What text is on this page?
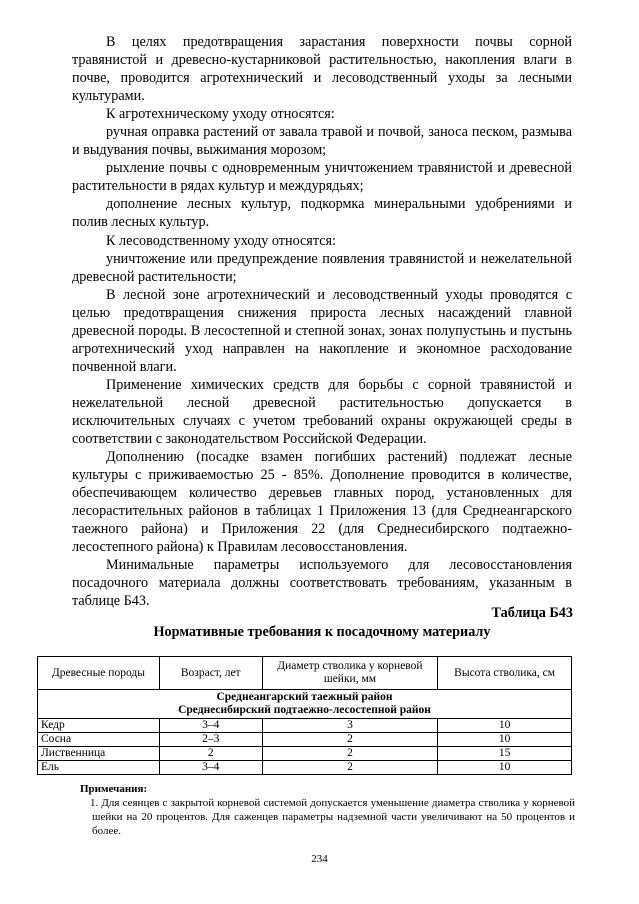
В целях предотвращения зарастания поверхности почвы сорной травянистой и древесно-кустарниковой растительностью, накопления влаги в почве, проводится агротехнический и лесоводственный уходы за лесными культурами.

К агротехническому уходу относятся:

ручная оправка растений от завала травой и почвой, заноса песком, размыва и выдувания почвы, выжимания морозом;

рыхление почвы с одновременным уничтожением травянистой и древесной растительности в рядах культур и междурядьях;

дополнение лесных культур, подкормка минеральными удобрениями и полив лесных культур.

К лесоводственному уходу относятся:

уничтожение или предупреждение появления травянистой и нежелательной древесной растительности;

В лесной зоне агротехнический и лесоводственный уходы проводятся с целью предотвращения снижения прироста лесных насаждений главной древесной породы. В лесостепной и степной зонах, зонах полупустынь и пустынь агротехнический уход направлен на накопление и экономное расходование почвенной влаги.

Применение химических средств для борьбы с сорной травянистой и нежелательной лесной древесной растительностью допускается в исключительных случаях с учетом требований охраны окружающей среды в соответствии с законодательством Российской Федерации.

Дополнению (посадке взамен погибших растений) подлежат лесные культуры с приживаемостью 25 - 85%. Дополнение проводится в количестве, обеспечивающем количество деревьев главных пород, установленных для лесорастительных районов в таблицах 1 Приложения 13 (для Среднеангарского таежного района) и Приложения 22 (для Среднесибирского подтаежно-лесостепного района) к Правилам лесовосстановления.

Минимальные параметры используемого для лесовосстановления посадочного материала должны соответствовать требованиям, указанным в таблице Б43.

Таблица Б43
Нормативные требования к посадочному материалу
Древесные породы	Возраст, лет	Диаметр стволика у корневой шейки, мм	Высота стволика, см

Среднеангарский таежный район
Среднесибирский подтаежно-лесостепной район			

Кедр	3–4	3	10
Сосна	2–3	2	10
Лиственница	2	2	15
Ель	3–4	2	10
Примечания:
1. Для сеянцев с закрытой корневой системой допускается уменьшение диаметра стволика у корневой шейки на 20 процентов. Для саженцев параметры надземной части увеличивают на 50 процентов и более.
234
